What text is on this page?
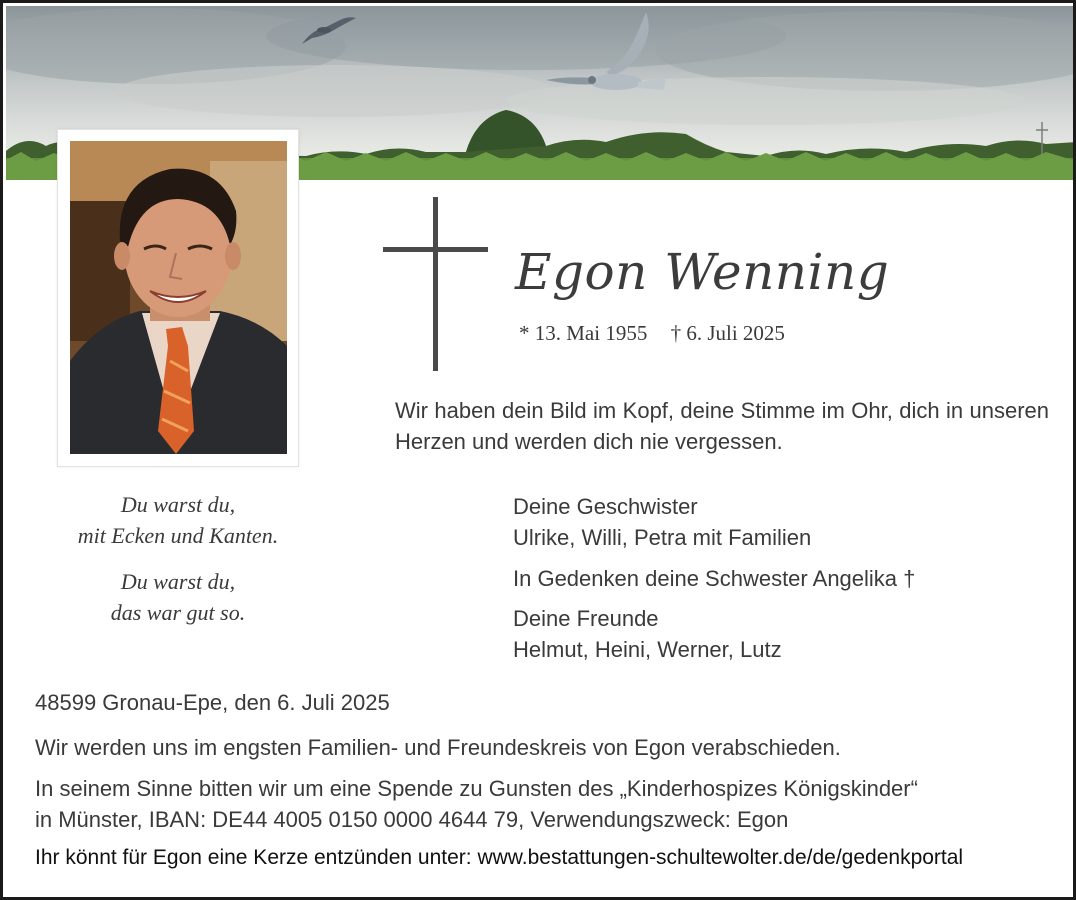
Egon Wenning
* 13. Mai 1955 † 6. Juli 2025
Wir haben dein Bild im Kopf, deine Stimme im Ohr, dich in unseren Herzen und werden dich nie vergessen.
Du warst du,
mit Ecken und Kanten.
Du warst du,
das war gut so.
Deine Geschwister
Ulrike, Willi, Petra mit Familien
In Gedenken deine Schwester Angelika †
Deine Freunde
Helmut, Heini, Werner, Lutz
48599 Gronau-Epe, den 6. Juli 2025
Wir werden uns im engsten Familien- und Freundeskreis von Egon verabschieden.
In seinem Sinne bitten wir um eine Spende zu Gunsten des „Kinderhospizes Königskinder“
in Münster, IBAN: DE44 4005 0150 0000 4644 79, Verwendungszweck: Egon
Ihr könnt für Egon eine Kerze entzünden unter: www.bestattungen-schultewolter.de/de/gedenkportal
